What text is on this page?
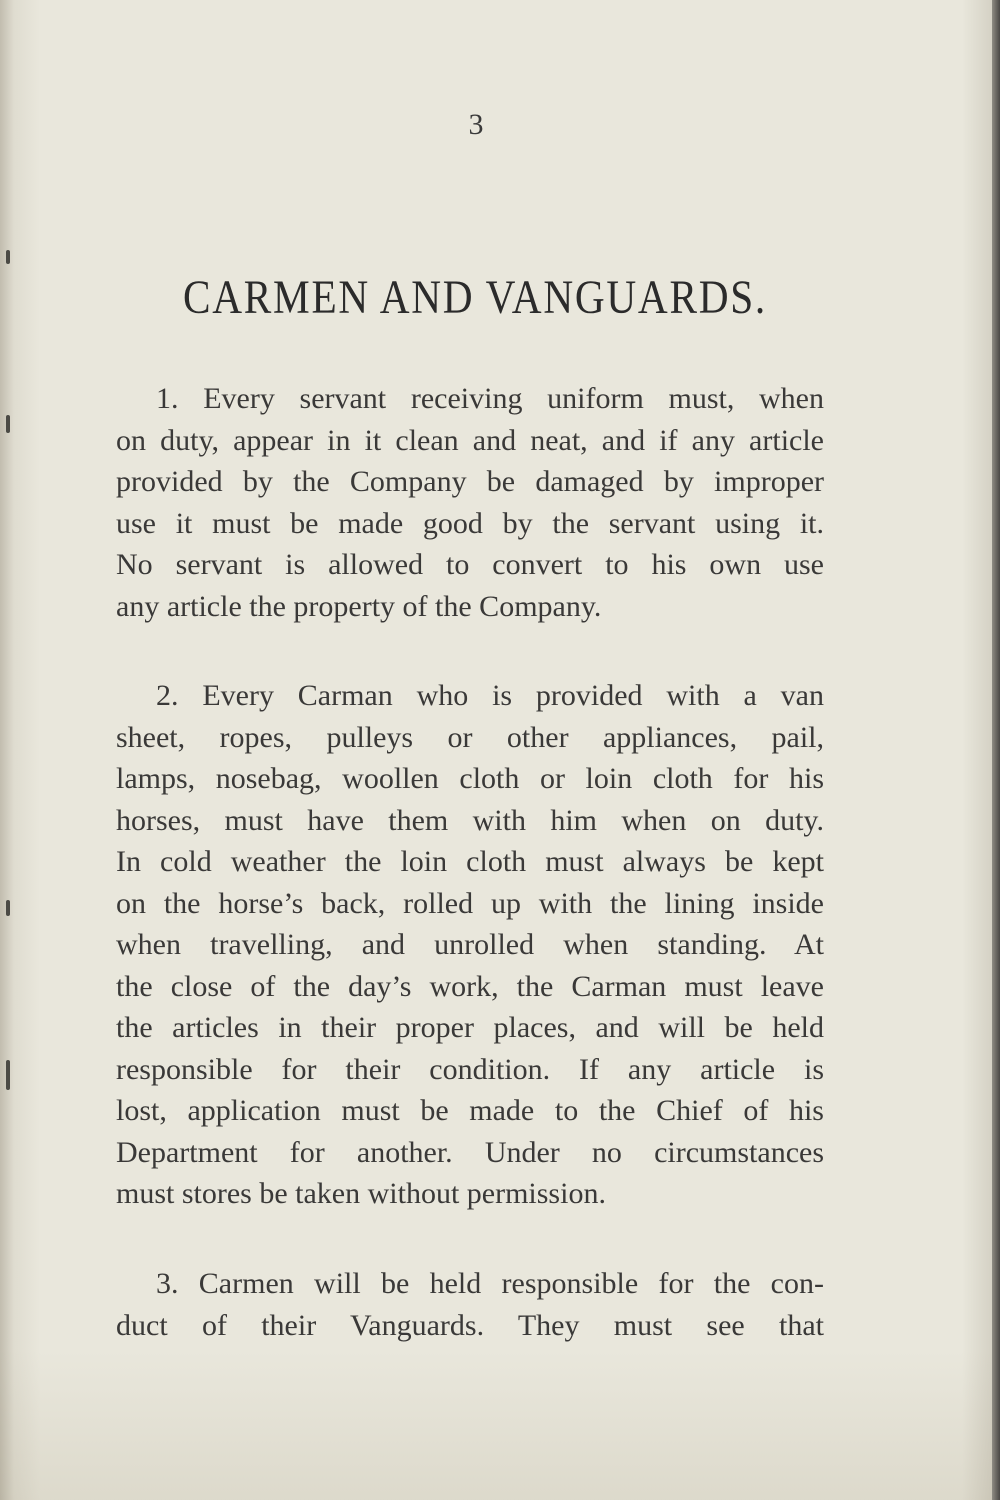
3
CARMEN AND VANGUARDS.
1. Every servant receiving uniform must, when
on duty, appear in it clean and neat, and if any article
provided by the Company be damaged by improper
use it must be made good by the servant using it.
No servant is allowed to convert to his own use
any article the property of the Company.
2. Every Carman who is provided with a van
sheet, ropes, pulleys or other appliances, pail,
lamps, nosebag, woollen cloth or loin cloth for his
horses, must have them with him when on duty.
In cold weather the loin cloth must always be kept
on the horse’s back, rolled up with the lining inside
when travelling, and unrolled when standing. At
the close of the day’s work, the Carman must leave
the articles in their proper places, and will be held
responsible for their condition. If any article is
lost, application must be made to the Chief of his
Department for another. Under no circumstances
must stores be taken without permission.
3. Carmen will be held responsible for the con-
duct of their Vanguards. They must see that
